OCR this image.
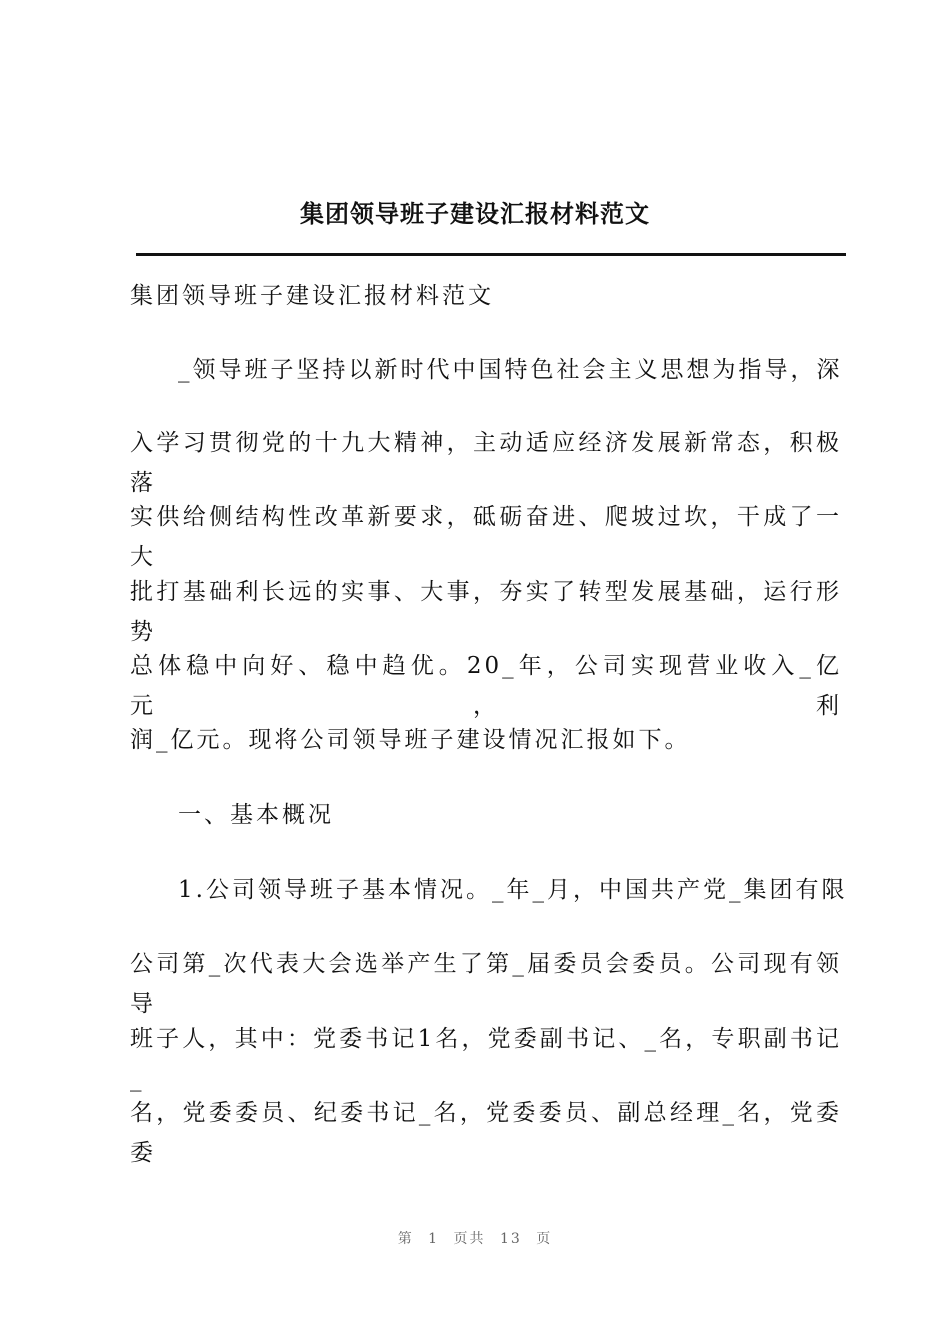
集团领导班子建设汇报材料范文
集团领导班子建设汇报材料范文
_领导班子坚持以新时代中国特色社会主义思想为指导，深
入学习贯彻党的十九大精神，主动适应经济发展新常态，积极落
实供给侧结构性改革新要求，砥砺奋进、爬坡过坎，干成了一大
批打基础利长远的实事、大事，夯实了转型发展基础，运行形势
总体稳中向好、稳中趋优。20_年，公司实现营业收入_亿元，利
润_亿元。现将公司领导班子建设情况汇报如下。
一、基本概况
1.公司领导班子基本情况。_年_月，中国共产党_集团有限
公司第_次代表大会选举产生了第_届委员会委员。公司现有领导
班子人，其中：党委书记1名，党委副书记、_名，专职副书记_
名，党委委员、纪委书记_名，党委委员、副总经理_名，党委委
第 1 页共 13 页
